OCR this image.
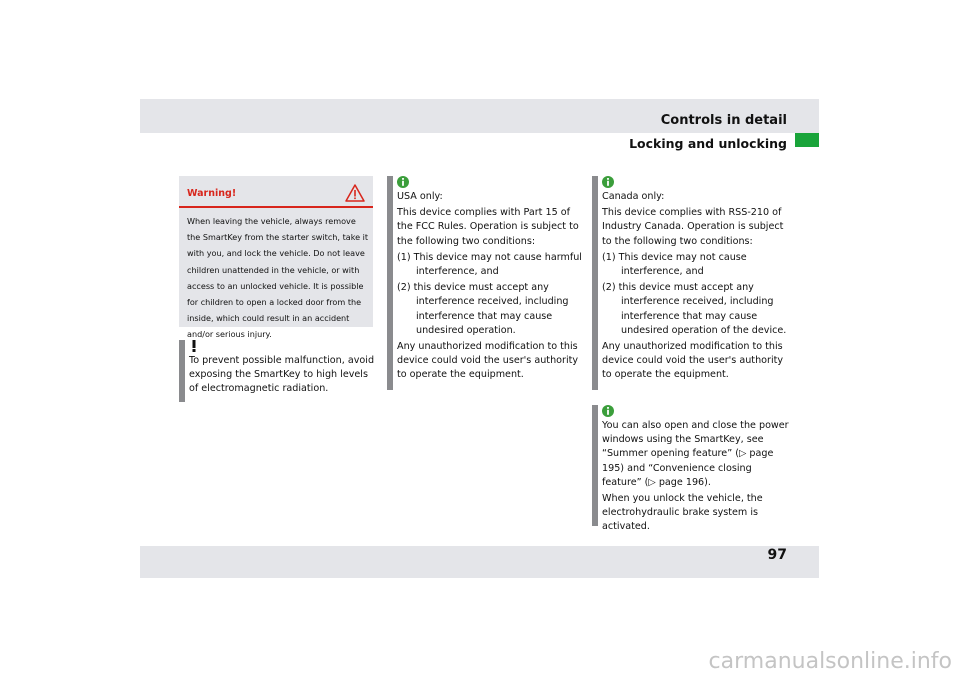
Controls in detail
Locking and unlocking
Warning!
When leaving the vehicle, always remove the SmartKey from the starter switch, take it with you, and lock the vehicle. Do not leave children unattended in the vehicle, or with access to an unlocked vehicle. It is possible for children to open a locked door from the inside, which could result in an accident and/or serious injury.
To prevent possible malfunction, avoid exposing the SmartKey to high levels of electromagnetic radiation.

USA only:

This device complies with Part 15 of the FCC Rules. Operation is subject to the following two conditions:

(1) This device may not cause harmful interference, and

(2) this device must accept any interference received, including interference that may cause undesired operation.

Any unauthorized modification to this device could void the user's authority to operate the equipment.

Canada only:

This device complies with RSS-210 of Industry Canada. Operation is subject to the following two conditions:

(1) This device may not cause interference, and

(2) this device must accept any interference received, including interference that may cause undesired operation of the device.

Any unauthorized modification to this device could void the user's authority to operate the equipment.

You can also open and close the power windows using the SmartKey, see “Summer opening feature” (▷ page 195) and “Convenience closing feature” (▷ page 196).

When you unlock the vehicle, the electrohydraulic brake system is activated.

97
carmanualsonline.info
